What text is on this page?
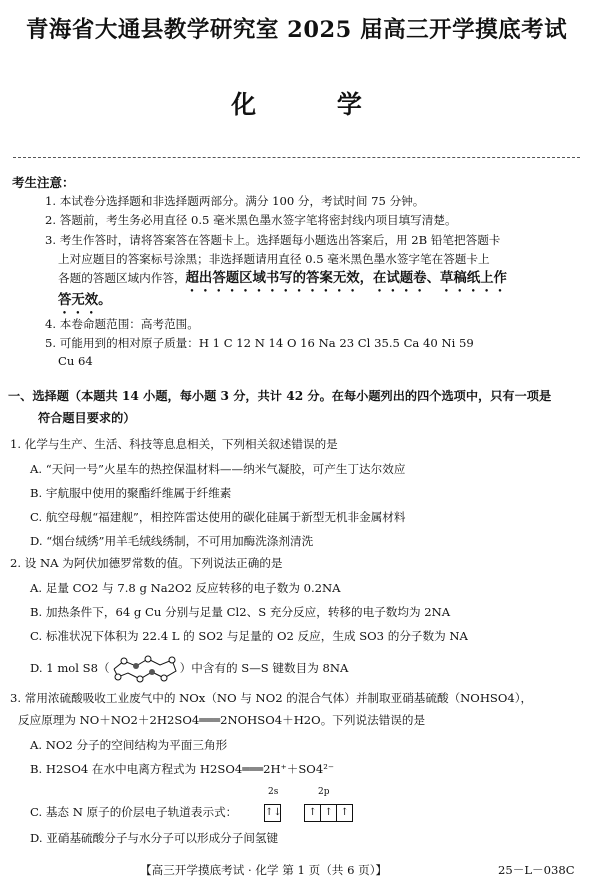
青海省大通县教学研究室 2025 届高三开学摸底考试
化 学
考生注意：
1. 本试卷分选择题和非选择题两部分。满分 100 分，考试时间 75 分钟。
2. 答题前，考生务必用直径 0.5 毫米黑色墨水签字笔将密封线内项目填写清楚。
3. 考生作答时，请将答案答在答题卡上。选择题每小题选出答案后，用 2B 铅笔把答题卡
上对应题目的答案标号涂黑；非选择题请用直径 0.5 毫米黑色墨水签字笔在答题卡上
各题的答题区域内作答，超出答题区域书写的答案无效，在试题卷、草稿纸上作
答无效。
4. 本卷命题范围：高考范围。
5. 可能用到的相对原子质量：H 1 C 12 N 14 O 16 Na 23 Cl 35.5 Ca 40 Ni 59
Cu 64
一、选择题（本题共 14 小题，每小题 3 分，共计 42 分。在每小题列出的四个选项中，只有一项是
符合题目要求的）
1. 化学与生产、生活、科技等息息相关，下列相关叙述错误的是
A. “天问一号”火星车的热控保温材料——纳米气凝胶，可产生丁达尔效应
B. 宇航服中使用的聚酯纤维属于纤维素
C. 航空母舰“福建舰”，相控阵雷达使用的碳化硅属于新型无机非金属材料
D. “烟台绒绣”用羊毛绒线绣制，不可用加酶洗涤剂清洗
2. 设 NA 为阿伏加德罗常数的值。下列说法正确的是
A. 足量 CO2 与 7.8 g Na2O2 反应转移的电子数为 0.2NA
B. 加热条件下，64 g Cu 分别与足量 Cl2、S 充分反应，转移的电子数均为 2NA
C. 标准状况下体积为 22.4 L 的 SO2 与足量的 O2 反应，生成 SO3 的分子数为 NA
D. 1 mol S8（	）中含有的 S—S 键数目为 8NA
3. 常用浓硫酸吸收工业废气中的 NOx（NO 与 NO2 的混合气体）并制取亚硝基硫酸（NOHSO4），
反应原理为 NO＋NO2＋2H2SO4═══2NOHSO4＋H2O。下列说法错误的是
A. NO2 分子的空间结构为平面三角形
B. H2SO4 在水中电离方程式为 H2SO4═══2H⁺＋SO4²⁻
C. 基态 N 原子的价层电子轨道表示式：
2s	2p
↑↓	↑ ↑ ↑
D. 亚硝基硫酸分子与水分子可以形成分子间氢键
【高三开学摸底考试 · 化学 第 1 页（共 6 页）】	25－L－038C
